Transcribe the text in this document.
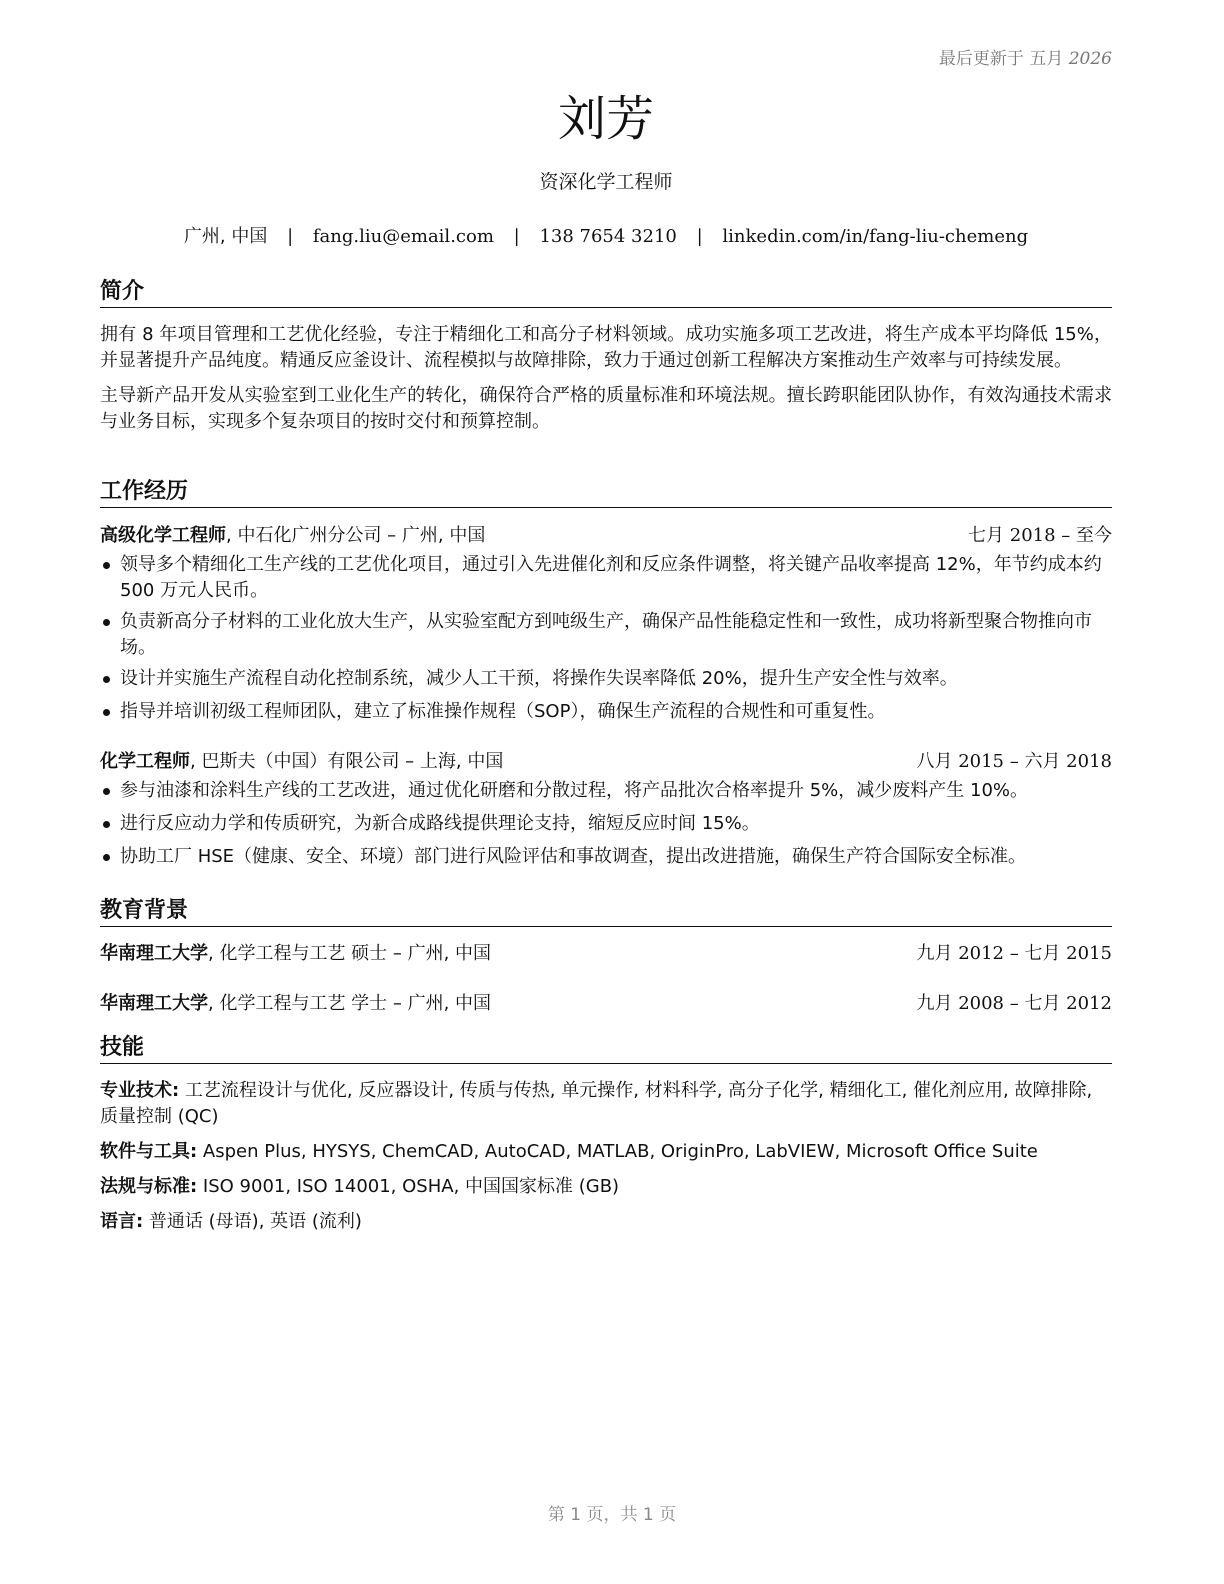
最后更新于 五月 2026
刘芳
资深化学工程师
广州, 中国 | fang.liu@email.com | 138 7654 3210 | linkedin.com/in/fang-liu-chemeng
简介

拥有 8 年项目管理和工艺优化经验，专注于精细化工和高分子材料领域。成功实施多项工艺改进，将生产成本平均降低 15%，并显著提升产品纯度。精通反应釜设计、流程模拟与故障排除，致力于通过创新工程解决方案推动生产效率与可持续发展。

主导新产品开发从实验室到工业化生产的转化，确保符合严格的质量标准和环境法规。擅长跨职能团队协作，有效沟通技术需求与业务目标，实现多个复杂项目的按时交付和预算控制。

工作经历
高级化学工程师, 中石化广州分公司 – 广州, 中国	七月 2018 – 至今
领导多个精细化工生产线的工艺优化项目，通过引入先进催化剂和反应条件调整，将关键产品收率提高 12%，年节约成本约 500 万元人民币。
负责新高分子材料的工业化放大生产，从实验室配方到吨级生产，确保产品性能稳定性和一致性，成功将新型聚合物推向市场。
设计并实施生产流程自动化控制系统，减少人工干预，将操作失误率降低 20%，提升生产安全性与效率。
指导并培训初级工程师团队，建立了标准操作规程（SOP），确保生产流程的合规性和可重复性。
化学工程师, 巴斯夫（中国）有限公司 – 上海, 中国	八月 2015 – 六月 2018
参与油漆和涂料生产线的工艺改进，通过优化研磨和分散过程，将产品批次合格率提升 5%，减少废料产生 10%。
进行反应动力学和传质研究，为新合成路线提供理论支持，缩短反应时间 15%。
协助工厂 HSE（健康、安全、环境）部门进行风险评估和事故调查，提出改进措施，确保生产符合国际安全标准。
教育背景
华南理工大学, 化学工程与工艺 硕士 – 广州, 中国	九月 2012 – 七月 2015
华南理工大学, 化学工程与工艺 学士 – 广州, 中国	九月 2008 – 七月 2012
技能
专业技术: 工艺流程设计与优化, 反应器设计, 传质与传热, 单元操作, 材料科学, 高分子化学, 精细化工, 催化剂应用, 故障排除, 质量控制 (QC)
软件与工具: Aspen Plus, HYSYS, ChemCAD, AutoCAD, MATLAB, OriginPro, LabVIEW, Microsoft Office Suite
法规与标准: ISO 9001, ISO 14001, OSHA, 中国国家标准 (GB)
语言: 普通话 (母语), 英语 (流利)
第 1 页，共 1 页
